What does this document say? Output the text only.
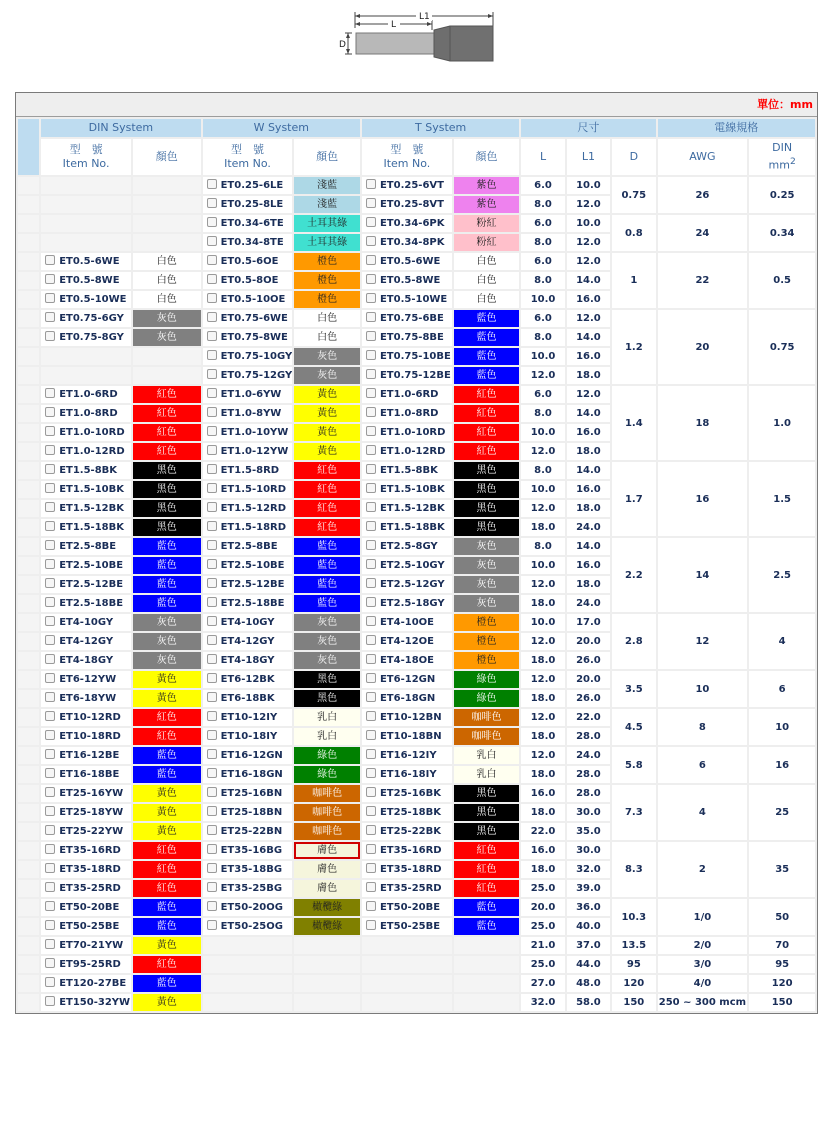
L1
L
D
單位：mm
	DIN System		W System		T System		尺寸			電線規格	
	型　號
Item No.	顏色	型　號
Item No.	顏色	型　號
Item No.	顏色	L	L1	D	AWG	DIN
$mm^2$
			ET0.25-6LE	淺藍	ET0.25-6VT	紫色	6.0	10.0	0.75	26	0.25
			ET0.25-8LE	淺藍	ET0.25-8VT	紫色	8.0	12.0			
			ET0.34-6TE	土耳其綠	ET0.34-6PK	粉紅	6.0	10.0	0.8	24	0.34
			ET0.34-8TE	土耳其綠	ET0.34-8PK	粉紅	8.0	12.0			
	ET0.5-6WE	白色	ET0.5-6OE	橙色	ET0.5-6WE	白色	6.0	12.0	1	22	0.5
	ET0.5-8WE	白色	ET0.5-8OE	橙色	ET0.5-8WE	白色	8.0	14.0			
	ET0.5-10WE	白色	ET0.5-10OE	橙色	ET0.5-10WE	白色	10.0	16.0			
	ET0.75-6GY	灰色	ET0.75-6WE	白色	ET0.75-6BE	藍色	6.0	12.0	1.2	20	0.75
	ET0.75-8GY	灰色	ET0.75-8WE	白色	ET0.75-8BE	藍色	8.0	14.0			
			ET0.75-10GY	灰色	ET0.75-10BE	藍色	10.0	16.0			
			ET0.75-12GY	灰色	ET0.75-12BE	藍色	12.0	18.0			
	ET1.0-6RD	紅色	ET1.0-6YW	黃色	ET1.0-6RD	紅色	6.0	12.0	1.4	18	1.0
	ET1.0-8RD	紅色	ET1.0-8YW	黃色	ET1.0-8RD	紅色	8.0	14.0			
	ET1.0-10RD	紅色	ET1.0-10YW	黃色	ET1.0-10RD	紅色	10.0	16.0			
	ET1.0-12RD	紅色	ET1.0-12YW	黃色	ET1.0-12RD	紅色	12.0	18.0			
	ET1.5-8BK	黑色	ET1.5-8RD	紅色	ET1.5-8BK	黑色	8.0	14.0	1.7	16	1.5
	ET1.5-10BK	黑色	ET1.5-10RD	紅色	ET1.5-10BK	黑色	10.0	16.0			
	ET1.5-12BK	黑色	ET1.5-12RD	紅色	ET1.5-12BK	黑色	12.0	18.0			
	ET1.5-18BK	黑色	ET1.5-18RD	紅色	ET1.5-18BK	黑色	18.0	24.0			
	ET2.5-8BE	藍色	ET2.5-8BE	藍色	ET2.5-8GY	灰色	8.0	14.0	2.2	14	2.5
	ET2.5-10BE	藍色	ET2.5-10BE	藍色	ET2.5-10GY	灰色	10.0	16.0			
	ET2.5-12BE	藍色	ET2.5-12BE	藍色	ET2.5-12GY	灰色	12.0	18.0			
	ET2.5-18BE	藍色	ET2.5-18BE	藍色	ET2.5-18GY	灰色	18.0	24.0			
	ET4-10GY	灰色	ET4-10GY	灰色	ET4-10OE	橙色	10.0	17.0	2.8	12	4
	ET4-12GY	灰色	ET4-12GY	灰色	ET4-12OE	橙色	12.0	20.0			
	ET4-18GY	灰色	ET4-18GY	灰色	ET4-18OE	橙色	18.0	26.0			
	ET6-12YW	黃色	ET6-12BK	黑色	ET6-12GN	綠色	12.0	20.0	3.5	10	6
	ET6-18YW	黃色	ET6-18BK	黑色	ET6-18GN	綠色	18.0	26.0			
	ET10-12RD	紅色	ET10-12IY	乳白	ET10-12BN	咖啡色	12.0	22.0	4.5	8	10
	ET10-18RD	紅色	ET10-18IY	乳白	ET10-18BN	咖啡色	18.0	28.0			
	ET16-12BE	藍色	ET16-12GN	綠色	ET16-12IY	乳白	12.0	24.0	5.8	6	16
	ET16-18BE	藍色	ET16-18GN	綠色	ET16-18IY	乳白	18.0	28.0			
	ET25-16YW	黃色	ET25-16BN	咖啡色	ET25-16BK	黑色	16.0	28.0	7.3	4	25
	ET25-18YW	黃色	ET25-18BN	咖啡色	ET25-18BK	黑色	18.0	30.0			
	ET25-22YW	黃色	ET25-22BN	咖啡色	ET25-22BK	黑色	22.0	35.0			
	ET35-16RD	紅色	ET35-16BG	膚色	ET35-16RD	紅色	16.0	30.0	8.3	2	35
	ET35-18RD	紅色	ET35-18BG	膚色	ET35-18RD	紅色	18.0	32.0			
	ET35-25RD	紅色	ET35-25BG	膚色	ET35-25RD	紅色	25.0	39.0			
	ET50-20BE	藍色	ET50-20OG	橄欖綠	ET50-20BE	藍色	20.0	36.0	10.3	1/0	50
	ET50-25BE	藍色	ET50-25OG	橄欖綠	ET50-25BE	藍色	25.0	40.0			
	ET70-21YW	黃色					21.0	37.0	13.5	2/0	70
	ET95-25RD	紅色					25.0	44.0	95	3/0	95
	ET120-27BE	藍色					27.0	48.0	120	4/0	120
	ET150-32YW	黃色					32.0	58.0	150	250 ~ 300 mcm	150
